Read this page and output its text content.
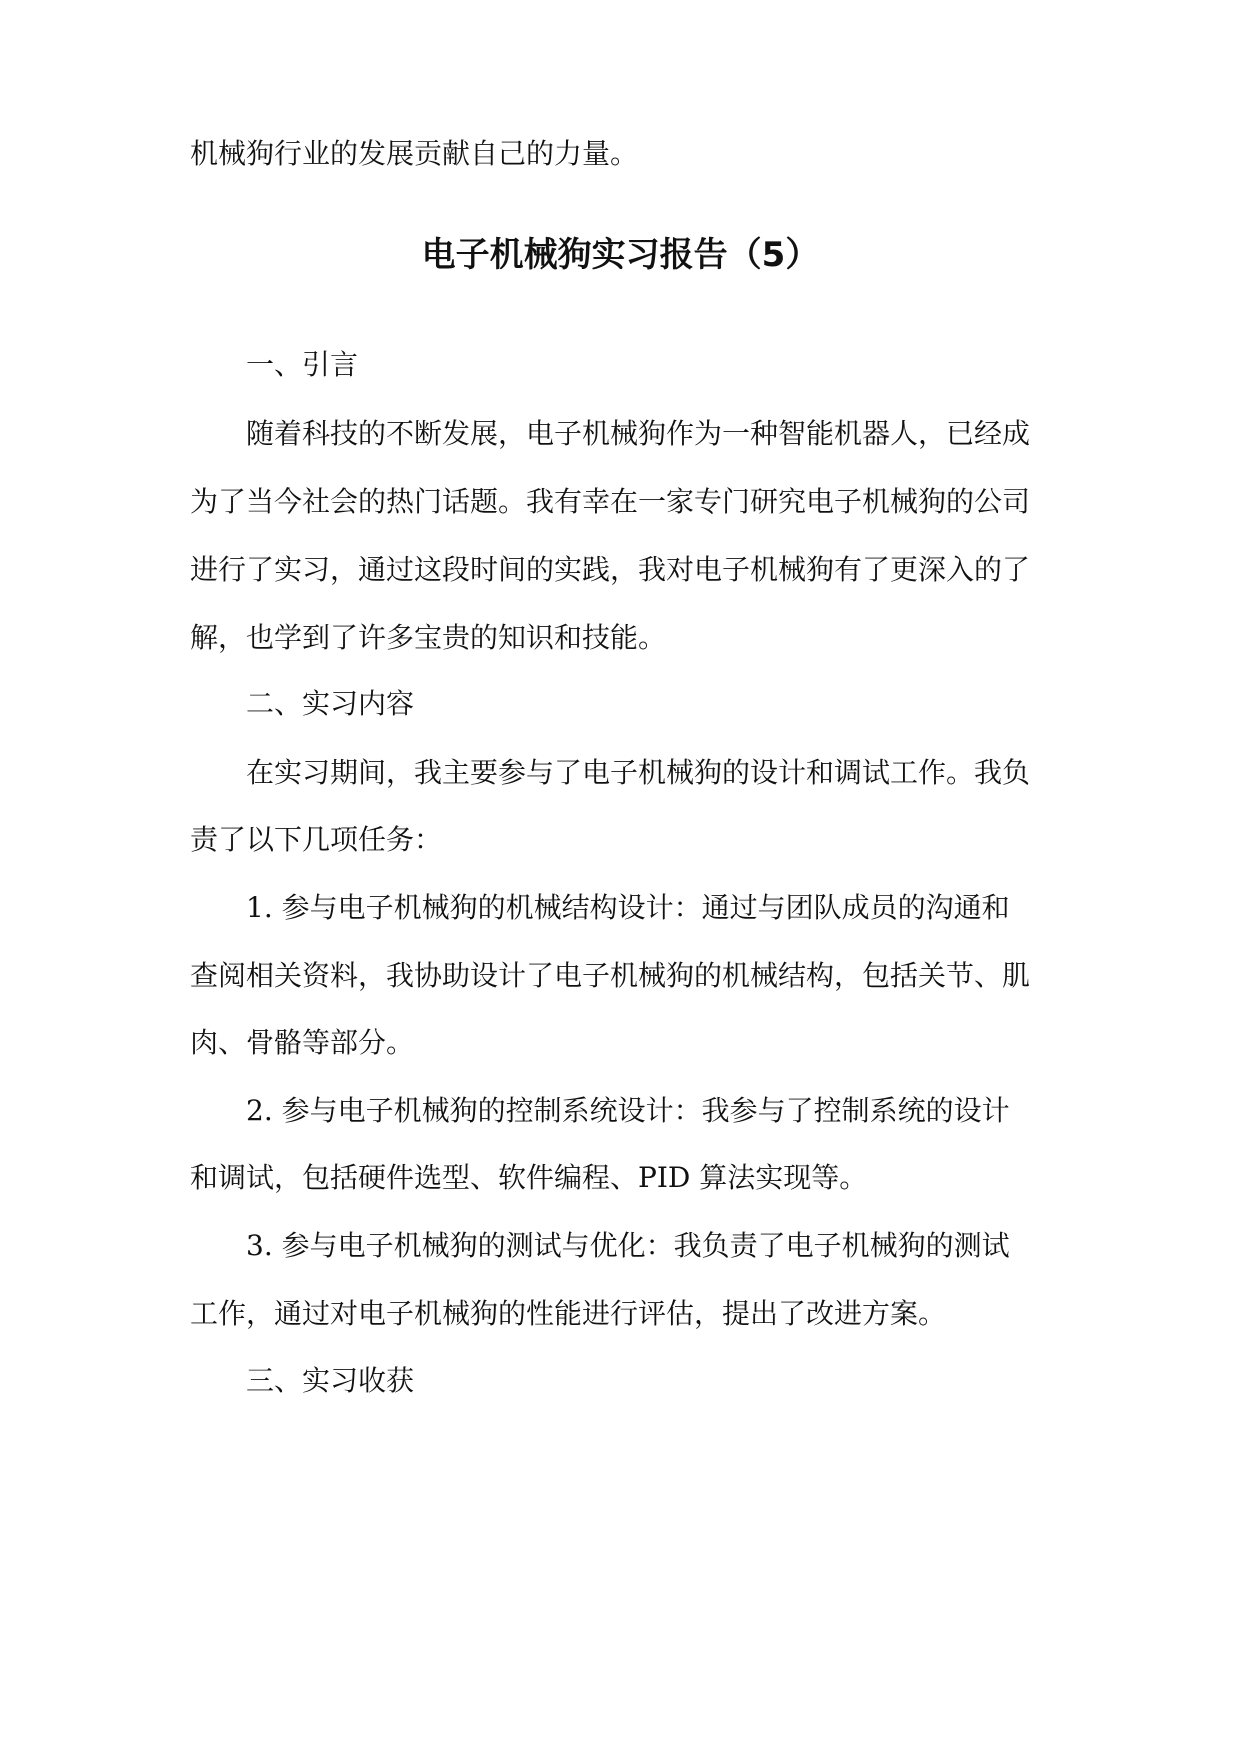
机械狗行业的发展贡献自己的力量。
电子机械狗实习报告（5）
一、引言
随着科技的不断发展，电子机械狗作为一种智能机器人，已经成
为了当今社会的热门话题。我有幸在一家专门研究电子机械狗的公司
进行了实习，通过这段时间的实践，我对电子机械狗有了更深入的了
解，也学到了许多宝贵的知识和技能。
二、实习内容
在实习期间，我主要参与了电子机械狗的设计和调试工作。我负
责了以下几项任务：
1. 参与电子机械狗的机械结构设计：通过与团队成员的沟通和
查阅相关资料，我协助设计了电子机械狗的机械结构，包括关节、肌
肉、骨骼等部分。
2. 参与电子机械狗的控制系统设计：我参与了控制系统的设计
和调试，包括硬件选型、软件编程、PID 算法实现等。
3. 参与电子机械狗的测试与优化：我负责了电子机械狗的测试
工作，通过对电子机械狗的性能进行评估，提出了改进方案。
三、实习收获
